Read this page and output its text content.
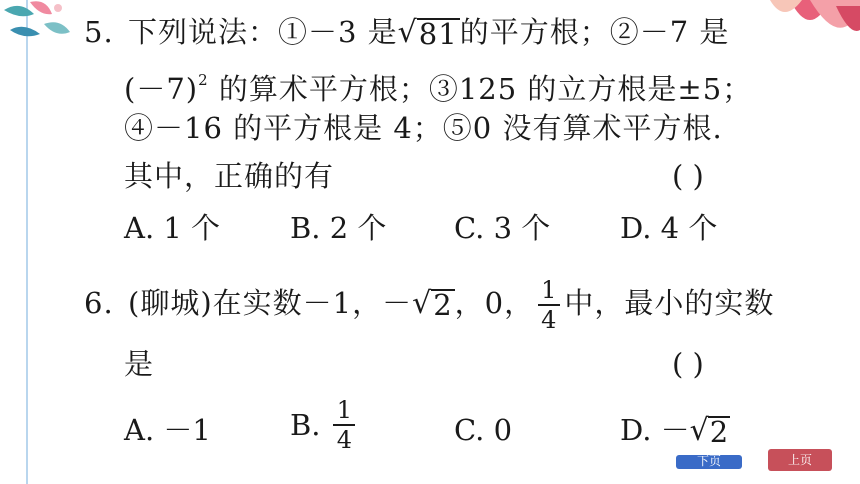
5. 下列说法：①－3 是 √ 81 的平方根；②－7 是
$(-7)^2$ 的算术平方根；③125 的立方根是±5；
④－16 的平方根是 4；⑤0 没有算术平方根.
其中，正确的有	( )
A. 1 个 B. 2 个 C. 3 个 D. 4 个
6. (聊城)在实数－1，－ √ 2 ，0， $\frac{1}{4}$ 中，最小的实数
是	( )
A. －1	B. $\frac{1}{4}$	C. 0	D. － √ 2
下页	上页
